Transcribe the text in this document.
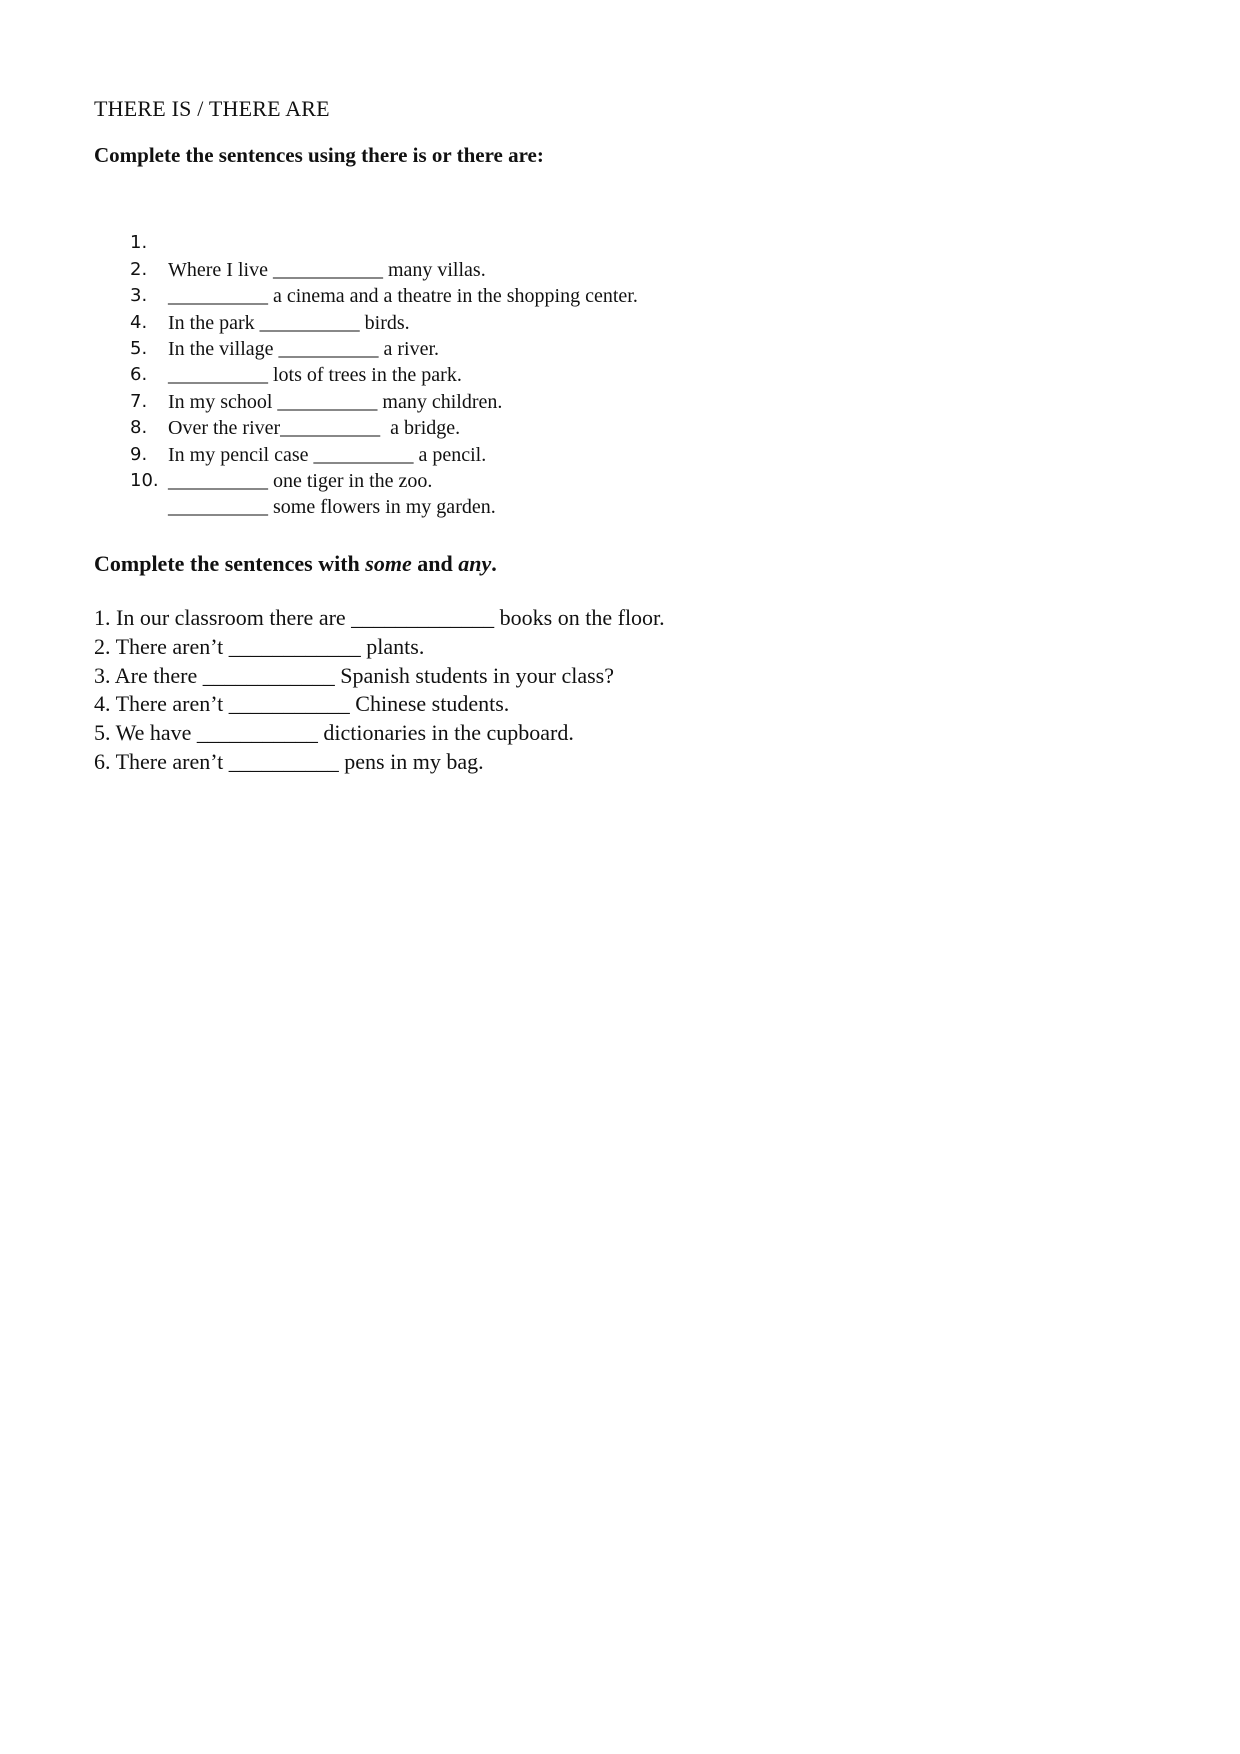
THERE IS / THERE ARE

Complete the sentences using there is or there are:

1.

Where I live ___________ many villas.

2.

__________ a cinema and a theatre in the shopping center.

3.

In the park __________ birds.

4.

In the village __________ a river.

5.

__________ lots of trees in the park.

6.

In my school __________ many children.

7.

Over the river__________  a bridge.

8.

In my pencil case __________ a pencil.

9.

__________ one tiger in the zoo.

10.

__________ some flowers in my garden.

Complete the sentences with some and any.

1. In our classroom there are _____________ books on the floor.
2. There aren’t ____________ plants.
3. Are there ____________ Spanish students in your class?
4. There aren’t ___________ Chinese students.
5. We have ___________ dictionaries in the cupboard.
6. There aren’t __________ pens in my bag.
